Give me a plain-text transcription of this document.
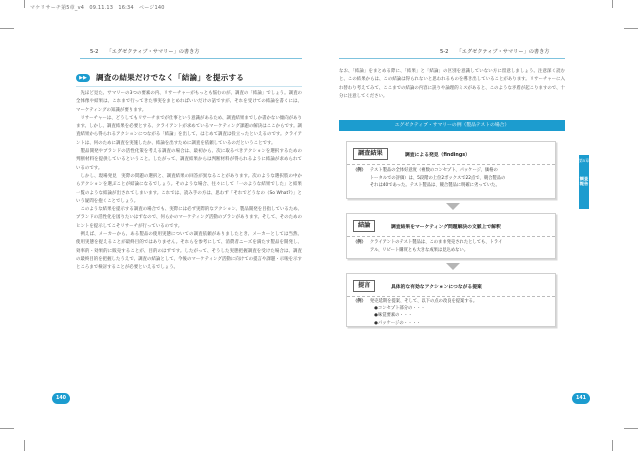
マケリサーチ第5章_v4　09.11.13　16:34　ページ140
5-2 「エグゼクティブ・サマリー」の書き方	5-2 「エグゼクティブ・サマリー」の書き方
▶▶	調査の結果だけでなく「結論」を提示する

　先ほど見た、サマリーの3つの要素の内、リサーチャーがもっとも悩むのが、調査の「結論」でしょう。調査の全体像や結果は、これまで行ってきた事実をまとめればいいだけの話ですが、それを受けての結論を書くには、マーケティングの知識が要ります。

　リサーチャーは、どうしてもリサーチまでが仕事という意識があるため、調査結果までしか書かない傾向があります。しかし、調査結果を必要とする、クライアントが求めているマーケティング課題の解決はここからです。調査結果から得られるアクションにつながる「結論」を出して、はじめて調査は役立ったといえるのです。クライアントは、何のために調査を実施したか、結論を出すために調査を依頼しているのだということです。

　製品開発やブランドの活性化策を考える調査の場合は、最初から、次に取るべきアクションを選択するための判断材料を提供しているということ。したがって、調査結果からは判断材料が得られるように結論が求められているのです。

　しかし、現場発見　実際の問題の選択と、調査結果の回答が異なることがあります。次のような選択肢の中からアクションを選ぶことが結論になるでしょう。そのような場合、往々にして「一のような結果でした」と結果一覧のような結論が出されてしまいます。これでは、読み手の方は、思わず「それでどうなの（So What?）」という疑問を抱くことでしょう。

　このような結果を提示する調査の場合でも、実際には必ず実際的なアクション、製品開発を目指しているため、ブランドの活性化を図りたいはずなので、何らかのマーケティング活動のプランがあります。そして、そのためのヒントを提示してこそリサーチが行っているのです。

　例えば、メーカーから、ある製品の使用実態についての調査依頼がありましたとき、メーカーとしては当然、使用実態を捉えることが最終目的ではありません。それらを参考にして、消費者ニーズを満たす製品を開発し、効率的・効果的に販売することが、目的のはずです。したがって、そうした実態把握調査を受けた場合は、調査の最終目的を把握したうえで、調査の結論として、今後のマーケティング活動に向けての提言や課題・示唆を示すところまで検討することが必要といえるでしょう。

なお、「結論」をまとめる際に、「結果」と「結論」の区別を意識していない方に留意しましょう。注意深く読むと、この結果からは、この結論は得られないと思われるものを導き出していることがあります。リサーチャーに入れ替わり考えてみて、ここまでの結論の内容に誤りや論理的ミスがあると、このような矛盾が起こりますので、十分に注意してください。

エグゼクティブ・サマリーの例（製品テストの場合）
調査結果	調査による発見（findings）
（例） テスト製品の全体好意度（複数のコンセプト、パッケージ、価格の
トータルでの評価）は、5段階の上位2ボックスで22点で、競合製品の
それは40であった。テスト製品は、競合製品に明確に劣っていた。
結論	調査結果をマーケティング問題解決の文脈上で解釈
（例） クライアントのテスト製品は、このまま発売されたとしても、トライ
アル、リピート購買とも大きな成果は見込めない。
提言	具体的な有効なアクションにつながる提案
（例） 発売延期を提案、そして、以下の点の改良を提案する。
　●コンセプト部分の・・・
　●味覚要素の・・・
　●パッケージの・・・・
第5章
調査報告
140	141
